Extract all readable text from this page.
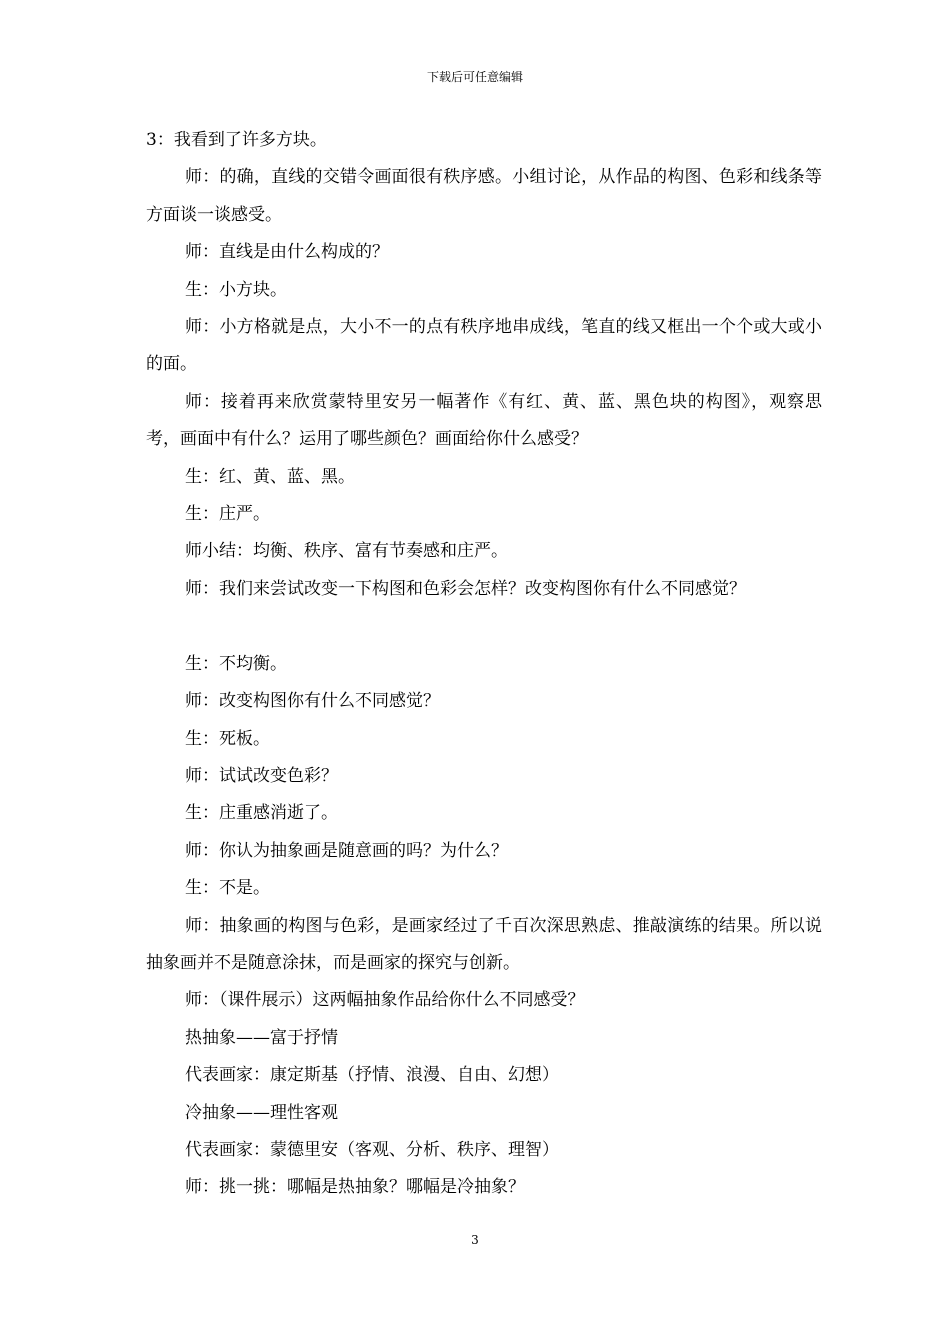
下载后可任意编辑

3：我看到了许多方块。

师：的确，直线的交错令画面很有秩序感。小组讨论，从作品的构图、色彩和线条等方面谈一谈感受。

师：直线是由什么构成的？

生：小方块。

师：小方格就是点，大小不一的点有秩序地串成线，笔直的线又框出一个个或大或小的面。

师：接着再来欣赏蒙特里安另一幅著作《有红、黄、蓝、黑色块的构图》，观察思考，画面中有什么？运用了哪些颜色？画面给你什么感受？

生：红、黄、蓝、黑。

生：庄严。

师小结：均衡、秩序、富有节奏感和庄严。

师：我们来尝试改变一下构图和色彩会怎样？改变构图你有什么不同感觉？

生：不均衡。

师：改变构图你有什么不同感觉？

生：死板。

师：试试改变色彩？

生：庄重感消逝了。

师：你认为抽象画是随意画的吗？为什么？

生：不是。

师：抽象画的构图与色彩，是画家经过了千百次深思熟虑、推敲演练的结果。所以说抽象画并不是随意涂抹，而是画家的探究与创新。

师：（课件展示）这两幅抽象作品给你什么不同感受？

热抽象——富于抒情

代表画家：康定斯基（抒情、浪漫、自由、幻想）

冷抽象——理性客观

代表画家：蒙德里安（客观、分析、秩序、理智）

师：挑一挑：哪幅是热抽象？哪幅是冷抽象？

3
